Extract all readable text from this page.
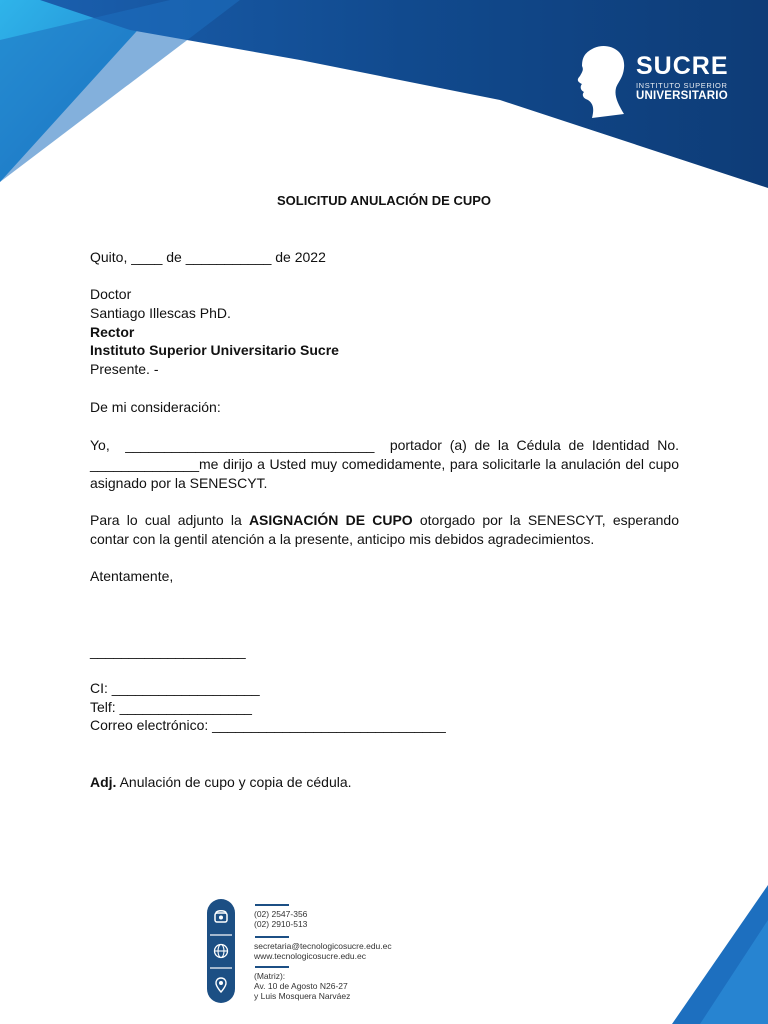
SUCRE
INSTITUTO SUPERIOR
UNIVERSITARIO
SOLICITUD ANULACIÓN DE CUPO
Quito, ____ de ___________ de 2022
Doctor
Santiago Illescas PhD.
Rector
Instituto Superior Universitario Sucre
Presente. -
De mi consideración:
Yo,  ________________________________  portador (a) de la Cédula de Identidad No.
______________me dirijo a Usted muy comedidamente, para solicitarle la anulación del cupo asignado por la SENESCYT.
Para lo cual adjunto la ASIGNACIÓN DE CUPO otorgado por la SENESCYT, esperando contar con la gentil atención a la presente, anticipo mis debidos agradecimientos.
Atentamente,
____________________
CI: ___________________
Telf: _________________
Correo electrónico: ______________________________
Adj. Anulación de cupo y copia de cédula.
(02) 2547-356
(02) 2910-513
secretaria@tecnologicosucre.edu.ec
www.tecnologicosucre.edu.ec
(Matriz):
Av. 10 de Agosto N26-27
y Luis Mosquera Narváez
